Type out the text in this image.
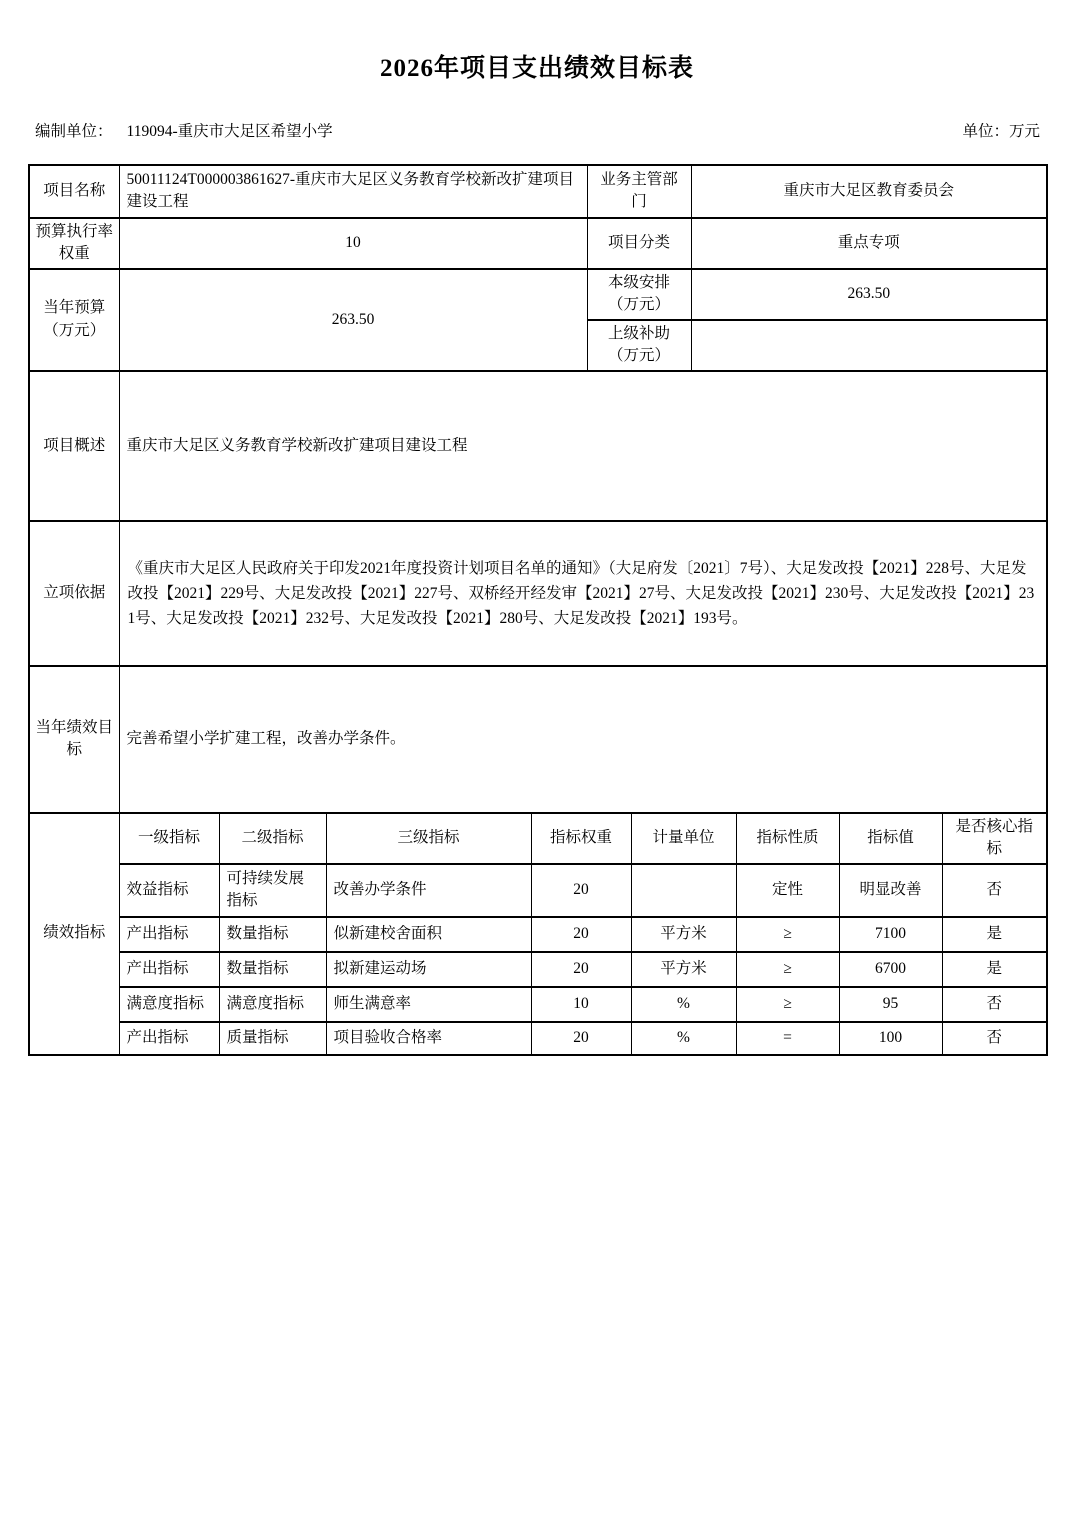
2026年项目支出绩效目标表
编制单位： 119094-重庆市大足区希望小学	单位：万元
项目名称	50011124T000003861627-重庆市大足区义务教育学校新改扩建项目建设工程	业务主管部门	重庆市大足区教育委员会
预算执行率权重	10	项目分类	重点专项
当年预算（万元）	263.50	本级安排（万元）	263.50
		上级补助（万元）	
项目概述	重庆市大足区义务教育学校新改扩建项目建设工程		
立项依据	《重庆市大足区人民政府关于印发2021年度投资计划项目名单的通知》（大足府发〔2021〕7号）、大足发改投【2021】228号、大足发改投【2021】229号、大足发改投【2021】227号、双桥经开经发审【2021】27号、大足发改投【2021】230号、大足发改投【2021】231号、大足发改投【2021】232号、大足发改投【2021】280号、大足发改投【2021】193号。		
当年绩效目标	完善希望小学扩建工程，改善办学条件。		
绩效指标	一级指标	二级指标	三级指标	指标权重	计量单位	指标性质	指标值	是否核心指标
	效益指标	可持续发展指标	改善办学条件	20		定性	明显改善	否
	产出指标	数量指标	似新建校舍面积	20	平方米	≥	7100	是
	产出指标	数量指标	拟新建运动场	20	平方米	≥	6700	是
	满意度指标	满意度指标	师生满意率	10	%	≥	95	否
	产出指标	质量指标	项目验收合格率	20	%	=	100	否
